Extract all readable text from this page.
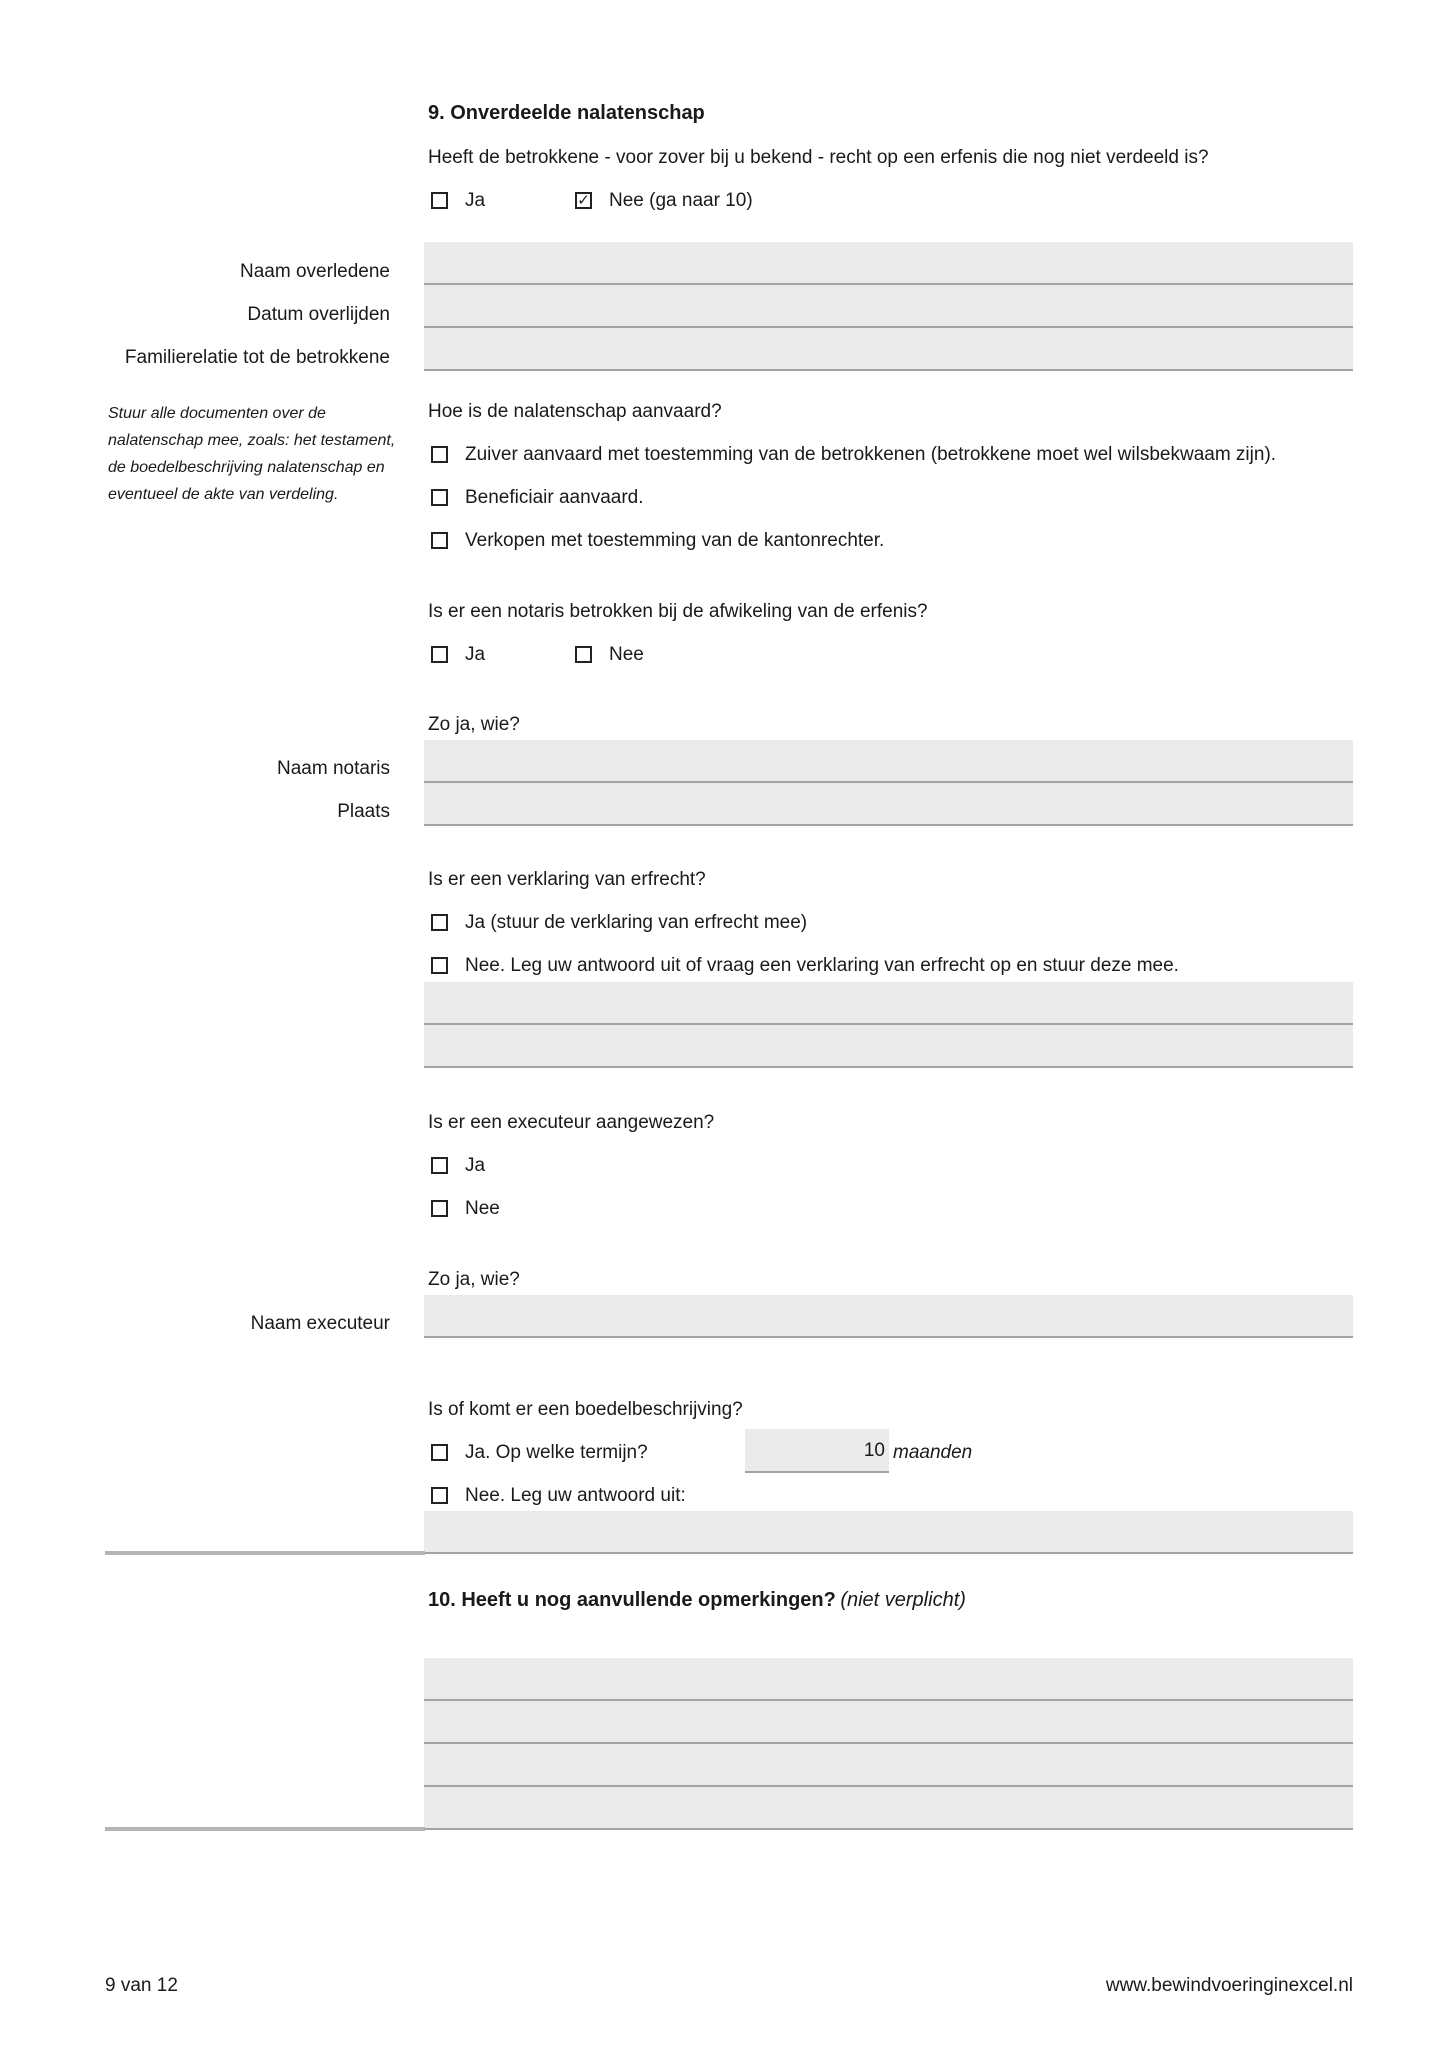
9. Onverdeelde nalatenschap
Heeft de betrokkene - voor zover bij u bekend - recht op een erfenis die nog niet verdeeld is?
Ja	✓ Nee (ga naar 10)
Naam overledene
Datum overlijden
Familierelatie tot de betrokkene
Stuur alle documenten over de nalatenschap mee, zoals: het testament, de boedelbeschrijving nalatenschap en eventueel de akte van verdeling.
Hoe is de nalatenschap aanvaard?
Zuiver aanvaard met toestemming van de betrokkenen (betrokkene moet wel wilsbekwaam zijn).
Beneficiair aanvaard.
Verkopen met toestemming van de kantonrechter.
Is er een notaris betrokken bij de afwikeling van de erfenis?
Ja	Nee
Zo ja, wie?
Naam notaris
Plaats
Is er een verklaring van erfrecht?
Ja (stuur de verklaring van erfrecht mee)
Nee. Leg uw antwoord uit of vraag een verklaring van erfrecht op en stuur deze mee.
Is er een executeur aangewezen?
Ja
Nee
Zo ja, wie?
Naam executeur
Is of komt er een boedelbeschrijving?
Ja. Op welke termijn?	10 maanden
Nee. Leg uw antwoord uit:
10. Heeft u nog aanvullende opmerkingen? (niet verplicht)
9 van 12	www.bewindvoeringinexcel.nl
